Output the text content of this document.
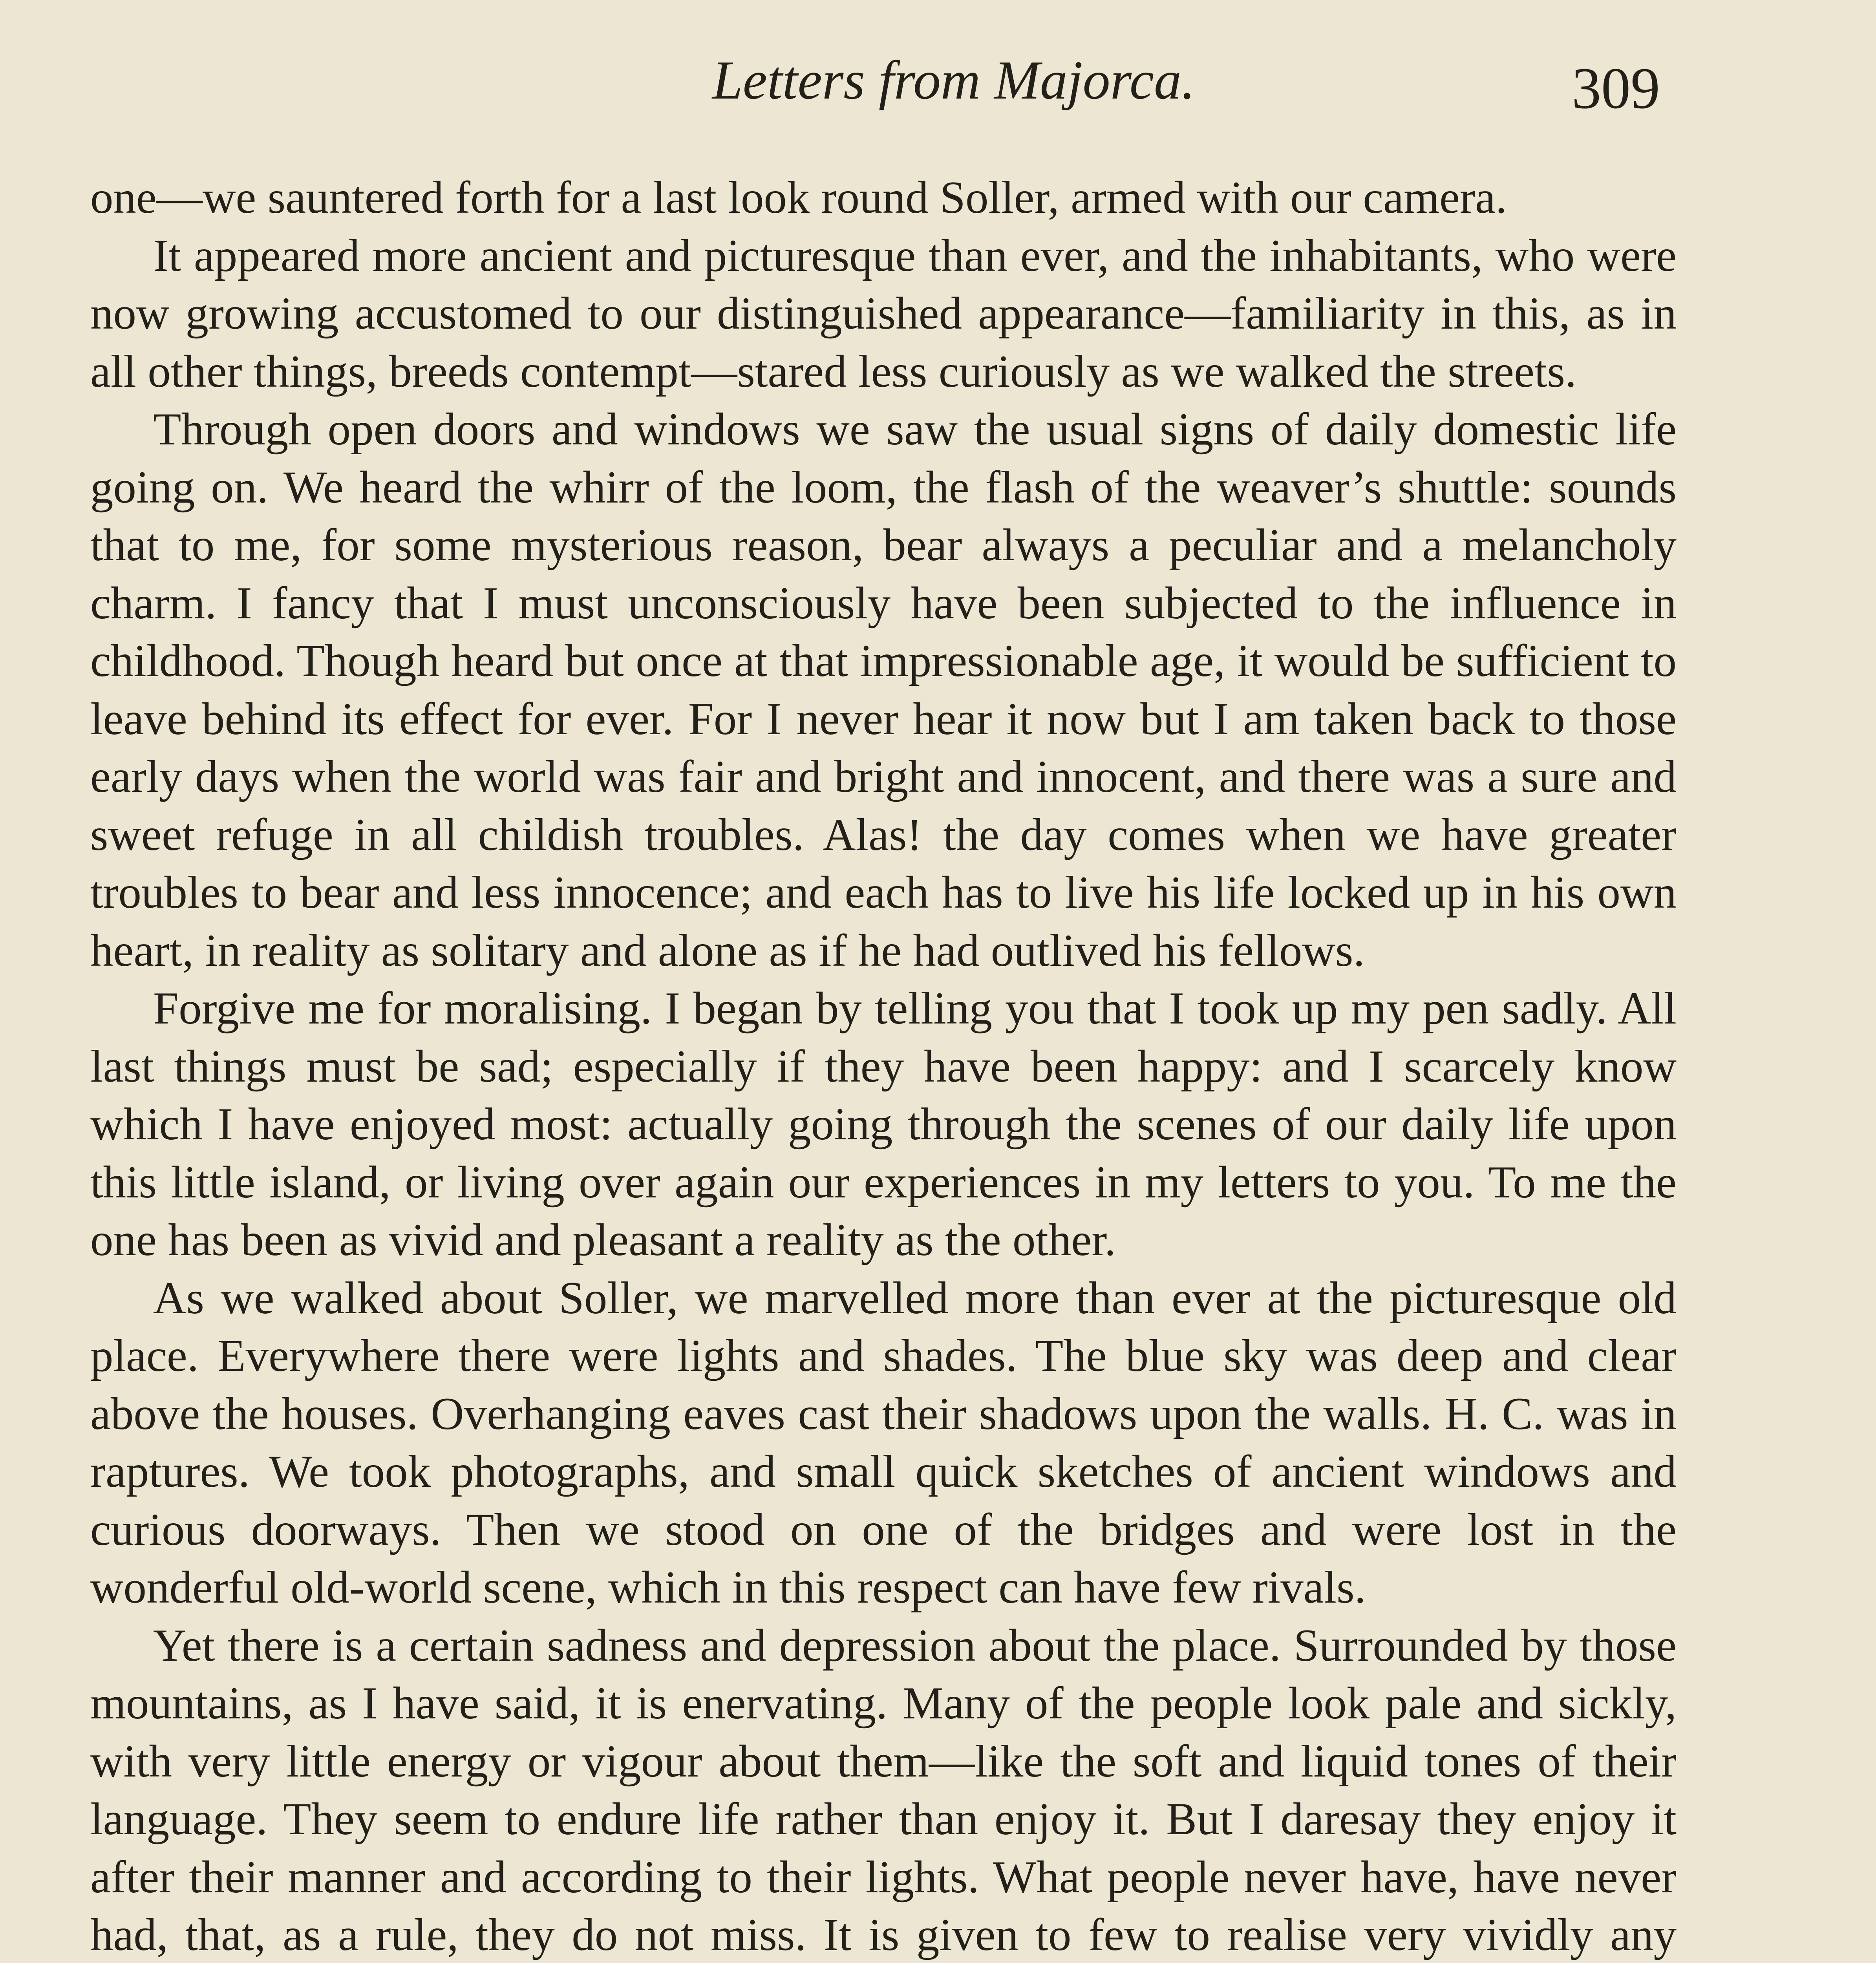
Letters from Majorca.	309

one—we sauntered forth for a last look round Soller, armed with our camera.

It appeared more ancient and picturesque than ever, and the inhabitants, who were now growing accustomed to our distinguished appearance—familiarity in this, as in all other things, breeds contempt—stared less curiously as we walked the streets.

Through open doors and windows we saw the usual signs of daily domestic life going on. We heard the whirr of the loom, the flash of the weaver’s shuttle: sounds that to me, for some mysterious reason, bear always a peculiar and a melancholy charm. I fancy that I must unconsciously have been subjected to the influence in childhood. Though heard but once at that impressionable age, it would be sufficient to leave behind its effect for ever. For I never hear it now but I am taken back to those early days when the world was fair and bright and innocent, and there was a sure and sweet refuge in all childish troubles. Alas! the day comes when we have greater troubles to bear and less innocence; and each has to live his life locked up in his own heart, in reality as solitary and alone as if he had outlived his fellows.

Forgive me for moralising. I began by telling you that I took up my pen sadly. All last things must be sad; especially if they have been happy: and I scarcely know which I have enjoyed most: actually going through the scenes of our daily life upon this little island, or living over again our experiences in my letters to you. To me the one has been as vivid and pleasant a reality as the other.

As we walked about Soller, we marvelled more than ever at the picturesque old place. Everywhere there were lights and shades. The blue sky was deep and clear above the houses. Overhanging eaves cast their shadows upon the walls. H. C. was in raptures. We took photographs, and small quick sketches of ancient windows and curious doorways. Then we stood on one of the bridges and were lost in the wonderful old-world scene, which in this respect can have few rivals.

Yet there is a certain sadness and depression about the place. Surrounded by those mountains, as I have said, it is enervating. Many of the people look pale and sickly, with very little energy or vigour about them—like the soft and liquid tones of their language. They seem to endure life rather than enjoy it. But I daresay they enjoy it after their manner and according to their lights. What people never have, have never had, that, as a rule, they do not miss. It is given to few to realise very vividly any
